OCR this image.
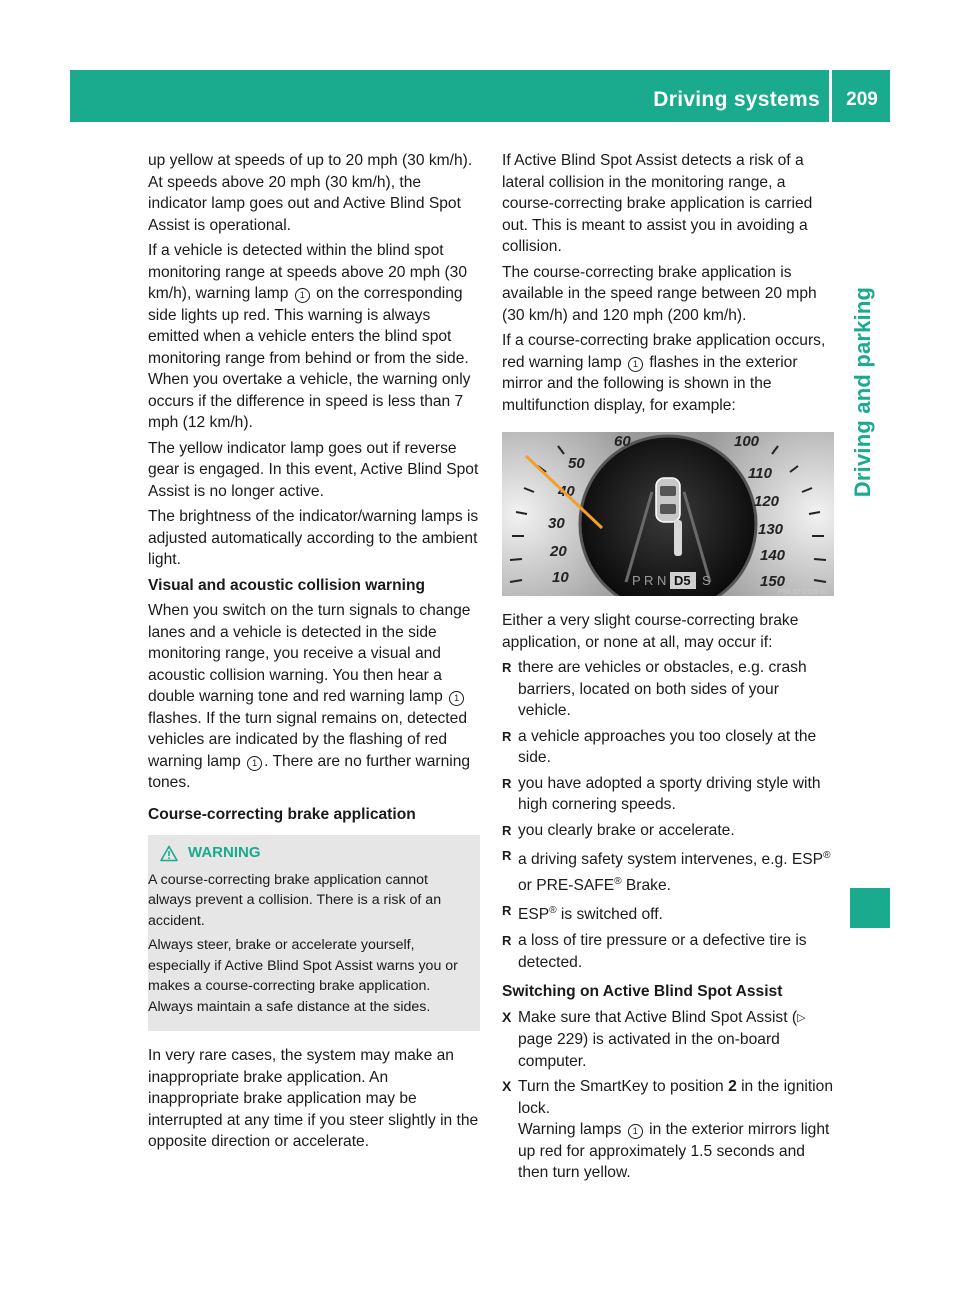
Driving systems	209
Driving and parking

up yellow at speeds of up to 20 mph (30 km/h). At speeds above 20 mph (30 km/h), the indicator lamp goes out and Active Blind Spot Assist is operational.

If a vehicle is detected within the blind spot monitoring range at speeds above 20 mph (30 km/h), warning lamp 1 on the corresponding side lights up red. This warning is always emitted when a vehicle enters the blind spot monitoring range from behind or from the side. When you overtake a vehicle, the warning only occurs if the difference in speed is less than 7 mph (12 km/h).

The yellow indicator lamp goes out if reverse gear is engaged. In this event, Active Blind Spot Assist is no longer active.

The brightness of the indicator/warning lamps is adjusted automatically according to the ambient light.

Visual and acoustic collision warning

When you switch on the turn signals to change lanes and a vehicle is detected in the side monitoring range, you receive a visual and acoustic collision warning. You then hear a double warning tone and red warning lamp 1 flashes. If the turn signal remains on, detected vehicles are indicated by the flashing of red warning lamp 1 . There are no further warning tones.

Course-correcting brake application
WARNING

A course-correcting brake application cannot always prevent a collision. There is a risk of an accident.

Always steer, brake or accelerate yourself, especially if Active Blind Spot Assist warns you or makes a course-correcting brake application. Always maintain a safe distance at the sides.

In very rare cases, the system may make an inappropriate brake application. An inappropriate brake application may be interrupted at any time if you steer slightly in the opposite direction or accelerate.

If Active Blind Spot Assist detects a risk of a lateral collision in the monitoring range, a course-correcting brake application is carried out. This is meant to assist you in avoiding a collision.

The course-correcting brake application is available in the speed range between 20 mph (30 km/h) and 120 mph (200 km/h).

If a course-correcting brake application occurs, red warning lamp 1 flashes in the exterior mirror and the following is shown in the multifunction display, for example:

60
50
40
30
20
10
100
110
120
130
140
150
P R N D5 S
P54.32-2115-31

Either a very slight course-correcting brake application, or none at all, may occur if:

R there are vehicles or obstacles, e.g. crash barriers, located on both sides of your vehicle.
R a vehicle approaches you too closely at the side.
R you have adopted a sporty driving style with high cornering speeds.
R you clearly brake or accelerate.
R a driving safety system intervenes, e.g. ESP® or PRE-SAFE® Brake.
R ESP® is switched off.
R a loss of tire pressure or a defective tire is detected.
Switching on Active Blind Spot Assist
X Make sure that Active Blind Spot Assist (▷ page 229) is activated in the on-board computer.
X Turn the SmartKey to position 2 in the ignition lock.
Warning lamps 1 in the exterior mirrors light up red for approximately 1.5 seconds and then turn yellow.
